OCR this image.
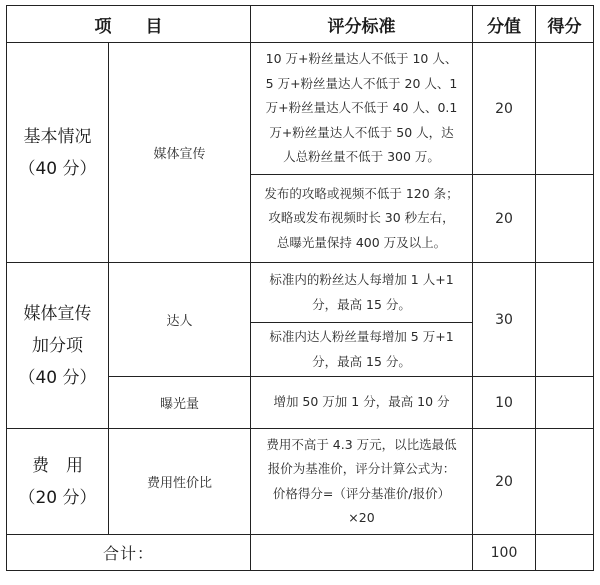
项 目		评分标准	分值	得分

基本情况
（40 分）	媒体宣传	10 万+粉丝量达人不低于 10 人、
5 万+粉丝量达人不低于 20 人、1
万+粉丝量达人不低于 40 人、0.1
万+粉丝量达人不低于 50 人，达
人总粉丝量不低于 300 万。	20	

		发布的攻略或视频不低于 120 条；
攻略或发布视频时长 30 秒左右，
总曝光量保持 400 万及以上。	20	

媒体宣传
加分项
（40 分）	达人	标准内的粉丝达人每增加 1 人+1
分，最高 15 分。	30	

		标准内达人粉丝量每增加 5 万+1
分，最高 15 分。		

	曝光量	增加 50 万加 1 分，最高 10 分	10	

费　用
（20 分）	费用性价比	费用不高于 4.3 万元，以比选最低
报价为基准价，评分计算公式为：
价格得分=（评分基准价/报价）
×20	20	
合计：			100	
